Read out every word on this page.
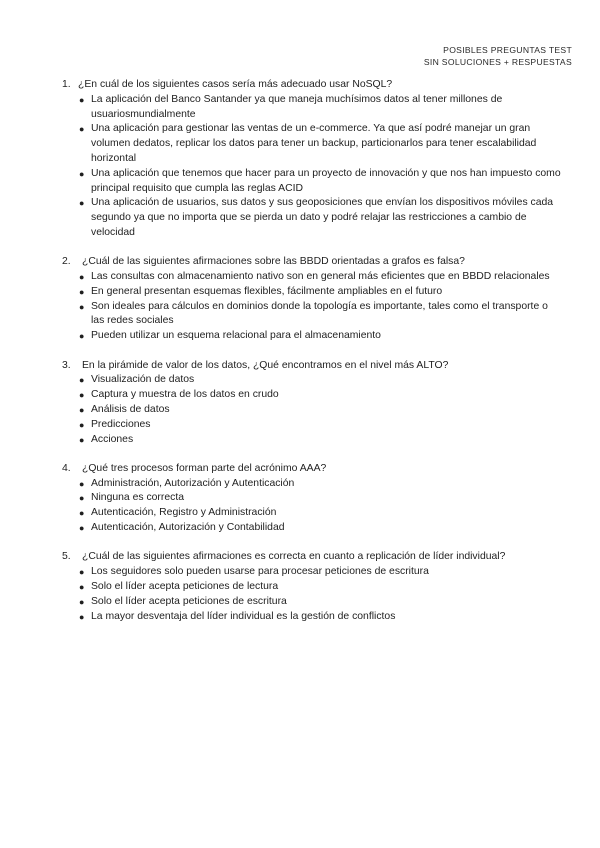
POSIBLES PREGUNTAS TEST
SIN SOLUCIONES + RESPUESTAS
1. ¿En cuál de los siguientes casos sería más adecuado usar NoSQL?
● La aplicación del Banco Santander ya que maneja muchísimos datos al tener millones de usuariosmundialmente
● Una aplicación para gestionar las ventas de un e-commerce. Ya que así podré manejar un gran volumen dedatos, replicar los datos para tener un backup, particionarlos para tener escalabilidad horizontal
● Una aplicación que tenemos que hacer para un proyecto de innovación y que nos han impuesto como principal requisito que cumpla las reglas ACID
● Una aplicación de usuarios, sus datos y sus geoposiciones que envían los dispositivos móviles cada segundo ya que no importa que se pierda un dato y podré relajar las restricciones a cambio de velocidad
2. ¿Cuál de las siguientes afirmaciones sobre las BBDD orientadas a grafos es falsa?
● Las consultas con almacenamiento nativo son en general más eficientes que en BBDD relacionales
● En general presentan esquemas flexibles, fácilmente ampliables en el futuro
● Son ideales para cálculos en dominios donde la topología es importante, tales como el transporte o las redes sociales
● Pueden utilizar un esquema relacional para el almacenamiento
3. En la pirámide de valor de los datos, ¿Qué encontramos en el nivel más ALTO?
● Visualización de datos
● Captura y muestra de los datos en crudo
● Análisis de datos
● Predicciones
● Acciones
4. ¿Qué tres procesos forman parte del acrónimo AAA?
● Administración, Autorización y Autenticación
● Ninguna es correcta
● Autenticación, Registro y Administración
● Autenticación, Autorización y Contabilidad
5. ¿Cuál de las siguientes afirmaciones es correcta en cuanto a replicación de líder individual?
● Los seguidores solo pueden usarse para procesar peticiones de escritura
● Solo el líder acepta peticiones de lectura
● Solo el líder acepta peticiones de escritura
● La mayor desventaja del líder individual es la gestión de conflictos
